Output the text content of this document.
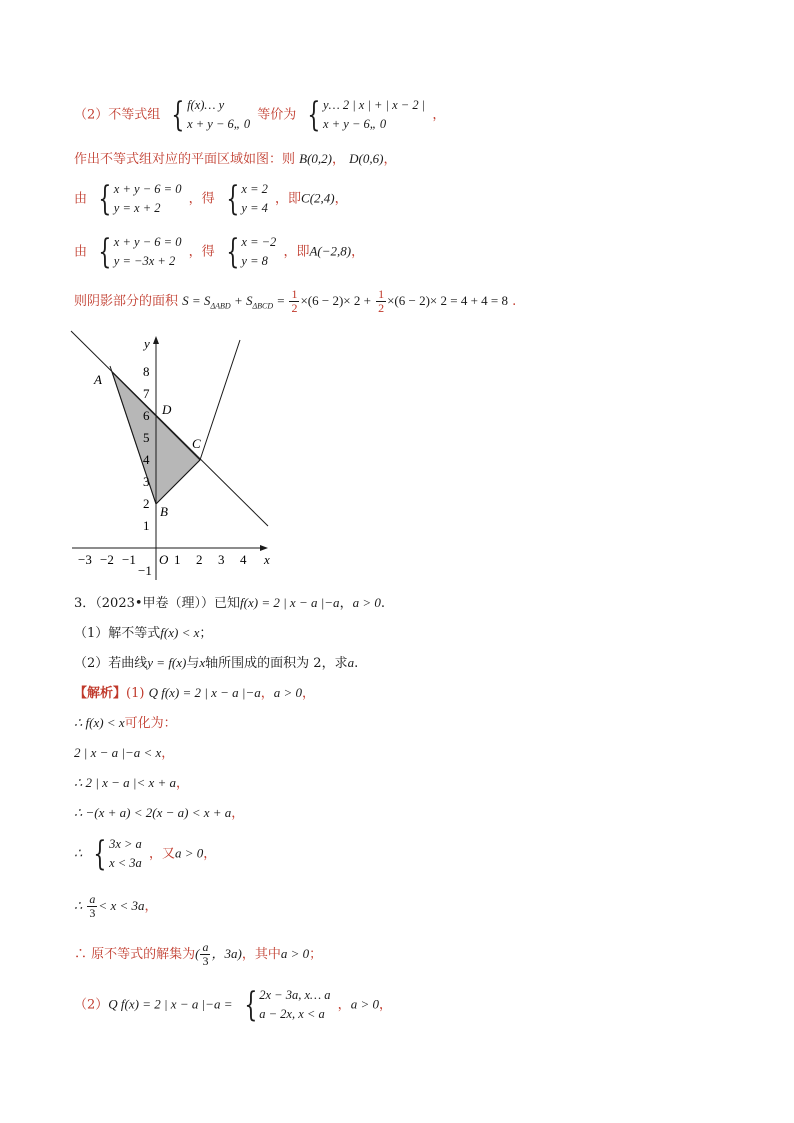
（2）不等式组 { f(x)… y
x + y − 6„ 0
等价为 { y… 2 | x | + | x − 2 |
x + y − 6„ 0
，
作出不等式组对应的平面区域如图：则 B(0,2)， D(0,6)，
由 { x + y − 6 = 0
y = x + 2
，得 { x = 2
y = 4
，即C(2,4)，
由 { x + y − 6 = 0
y = −3x + 2
，得 { x = −2
y = 8
，即A(−2,8)，
则阴影部分的面积 $S = S_{\Delta ABD} + S_{\Delta BCD} = \frac{1}{2} \times(6 - 2)\times 2 + \frac{1}{2} \times(6 - 2)\times 2 = 4 + 4 = 8$ .
y
x
O
8
7
6
5
4
3
2
1
−1
−3 −2 −1	1 2 3 4
A
D
C
B
3．（2023•甲卷（理））已知f(x) = 2 | x − a |−a，a > 0.
（1）解不等式f(x) < x；
（2）若曲线y = f(x)与x轴所围成的面积为 2，求a.
【解析】(1) Q f(x) = 2 | x − a |−a，a > 0，
∴ f(x) < x可化为：
2 | x − a |−a < x，
∴ 2 | x − a |< x + a，
∴ −(x + a) < 2(x − a) < x + a，
∴ { 3x > a
x < 3a
，又a > 0，
∴ $\frac{a}{3} < x < 3a$，
∴ 原不等式的解集为( $\frac{a}{3}$ ，3a)，其中a > 0；
（2）Q f(x) = 2 | x − a |−a = { 2x − 3a, x… a
a − 2x, x < a
，a > 0，
